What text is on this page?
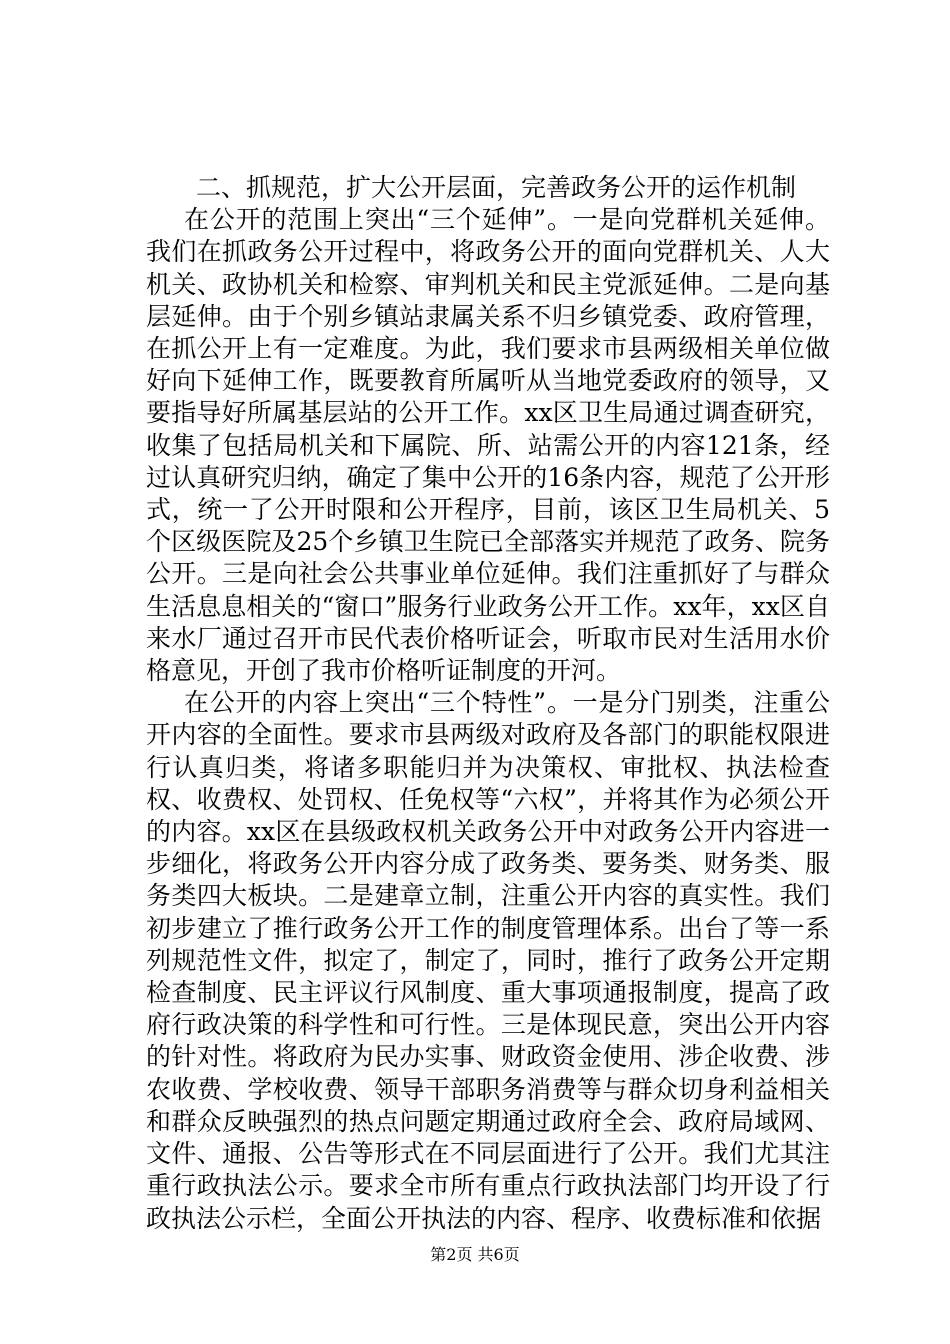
二、抓规范，扩大公开层面，完善政务公开的运作机制

在公开的范围上突出“三个延伸”。一是向党群机关延伸。我们在抓政务公开过程中，将政务公开的面向党群机关、人大机关、政协机关和检察、审判机关和民主党派延伸。二是向基层延伸。由于个别乡镇站隶属关系不归乡镇党委、政府管理，在抓公开上有一定难度。为此，我们要求市县两级相关单位做好向下延伸工作，既要教育所属听从当地党委政府的领导，又要指导好所属基层站的公开工作。xx区卫生局通过调查研究，收集了包括局机关和下属院、所、站需公开的内容121条，经过认真研究归纳，确定了集中公开的16条内容，规范了公开形式，统一了公开时限和公开程序，目前，该区卫生局机关、5个区级医院及25个乡镇卫生院已全部落实并规范了政务、院务公开。三是向社会公共事业单位延伸。我们注重抓好了与群众生活息息相关的“窗口”服务行业政务公开工作。xx年，xx区自来水厂通过召开市民代表价格听证会，听取市民对生活用水价格意见，开创了我市价格听证制度的开河。

在公开的内容上突出“三个特性”。一是分门别类，注重公开内容的全面性。要求市县两级对政府及各部门的职能权限进行认真归类，将诸多职能归并为决策权、审批权、执法检查权、收费权、处罚权、任免权等“六权”，并将其作为必须公开的内容。xx区在县级政权机关政务公开中对政务公开内容进一步细化，将政务公开内容分成了政务类、要务类、财务类、服务类四大板块。二是建章立制，注重公开内容的真实性。我们初步建立了推行政务公开工作的制度管理体系。出台了等一系列规范性文件，拟定了，制定了，同时，推行了政务公开定期检查制度、民主评议行风制度、重大事项通报制度，提高了政府行政决策的科学性和可行性。三是体现民意，突出公开内容的针对性。将政府为民办实事、财政资金使用、涉企收费、涉农收费、学校收费、领导干部职务消费等与群众切身利益相关和群众反映强烈的热点问题定期通过政府全会、政府局域网、文件、通报、公告等形式在不同层面进行了公开。我们尤其注重行政执法公示。要求全市所有重点行政执法部门均开设了行政执法公示栏，全面公开执法的内容、程序、收费标准和依据

第2页 共6页
